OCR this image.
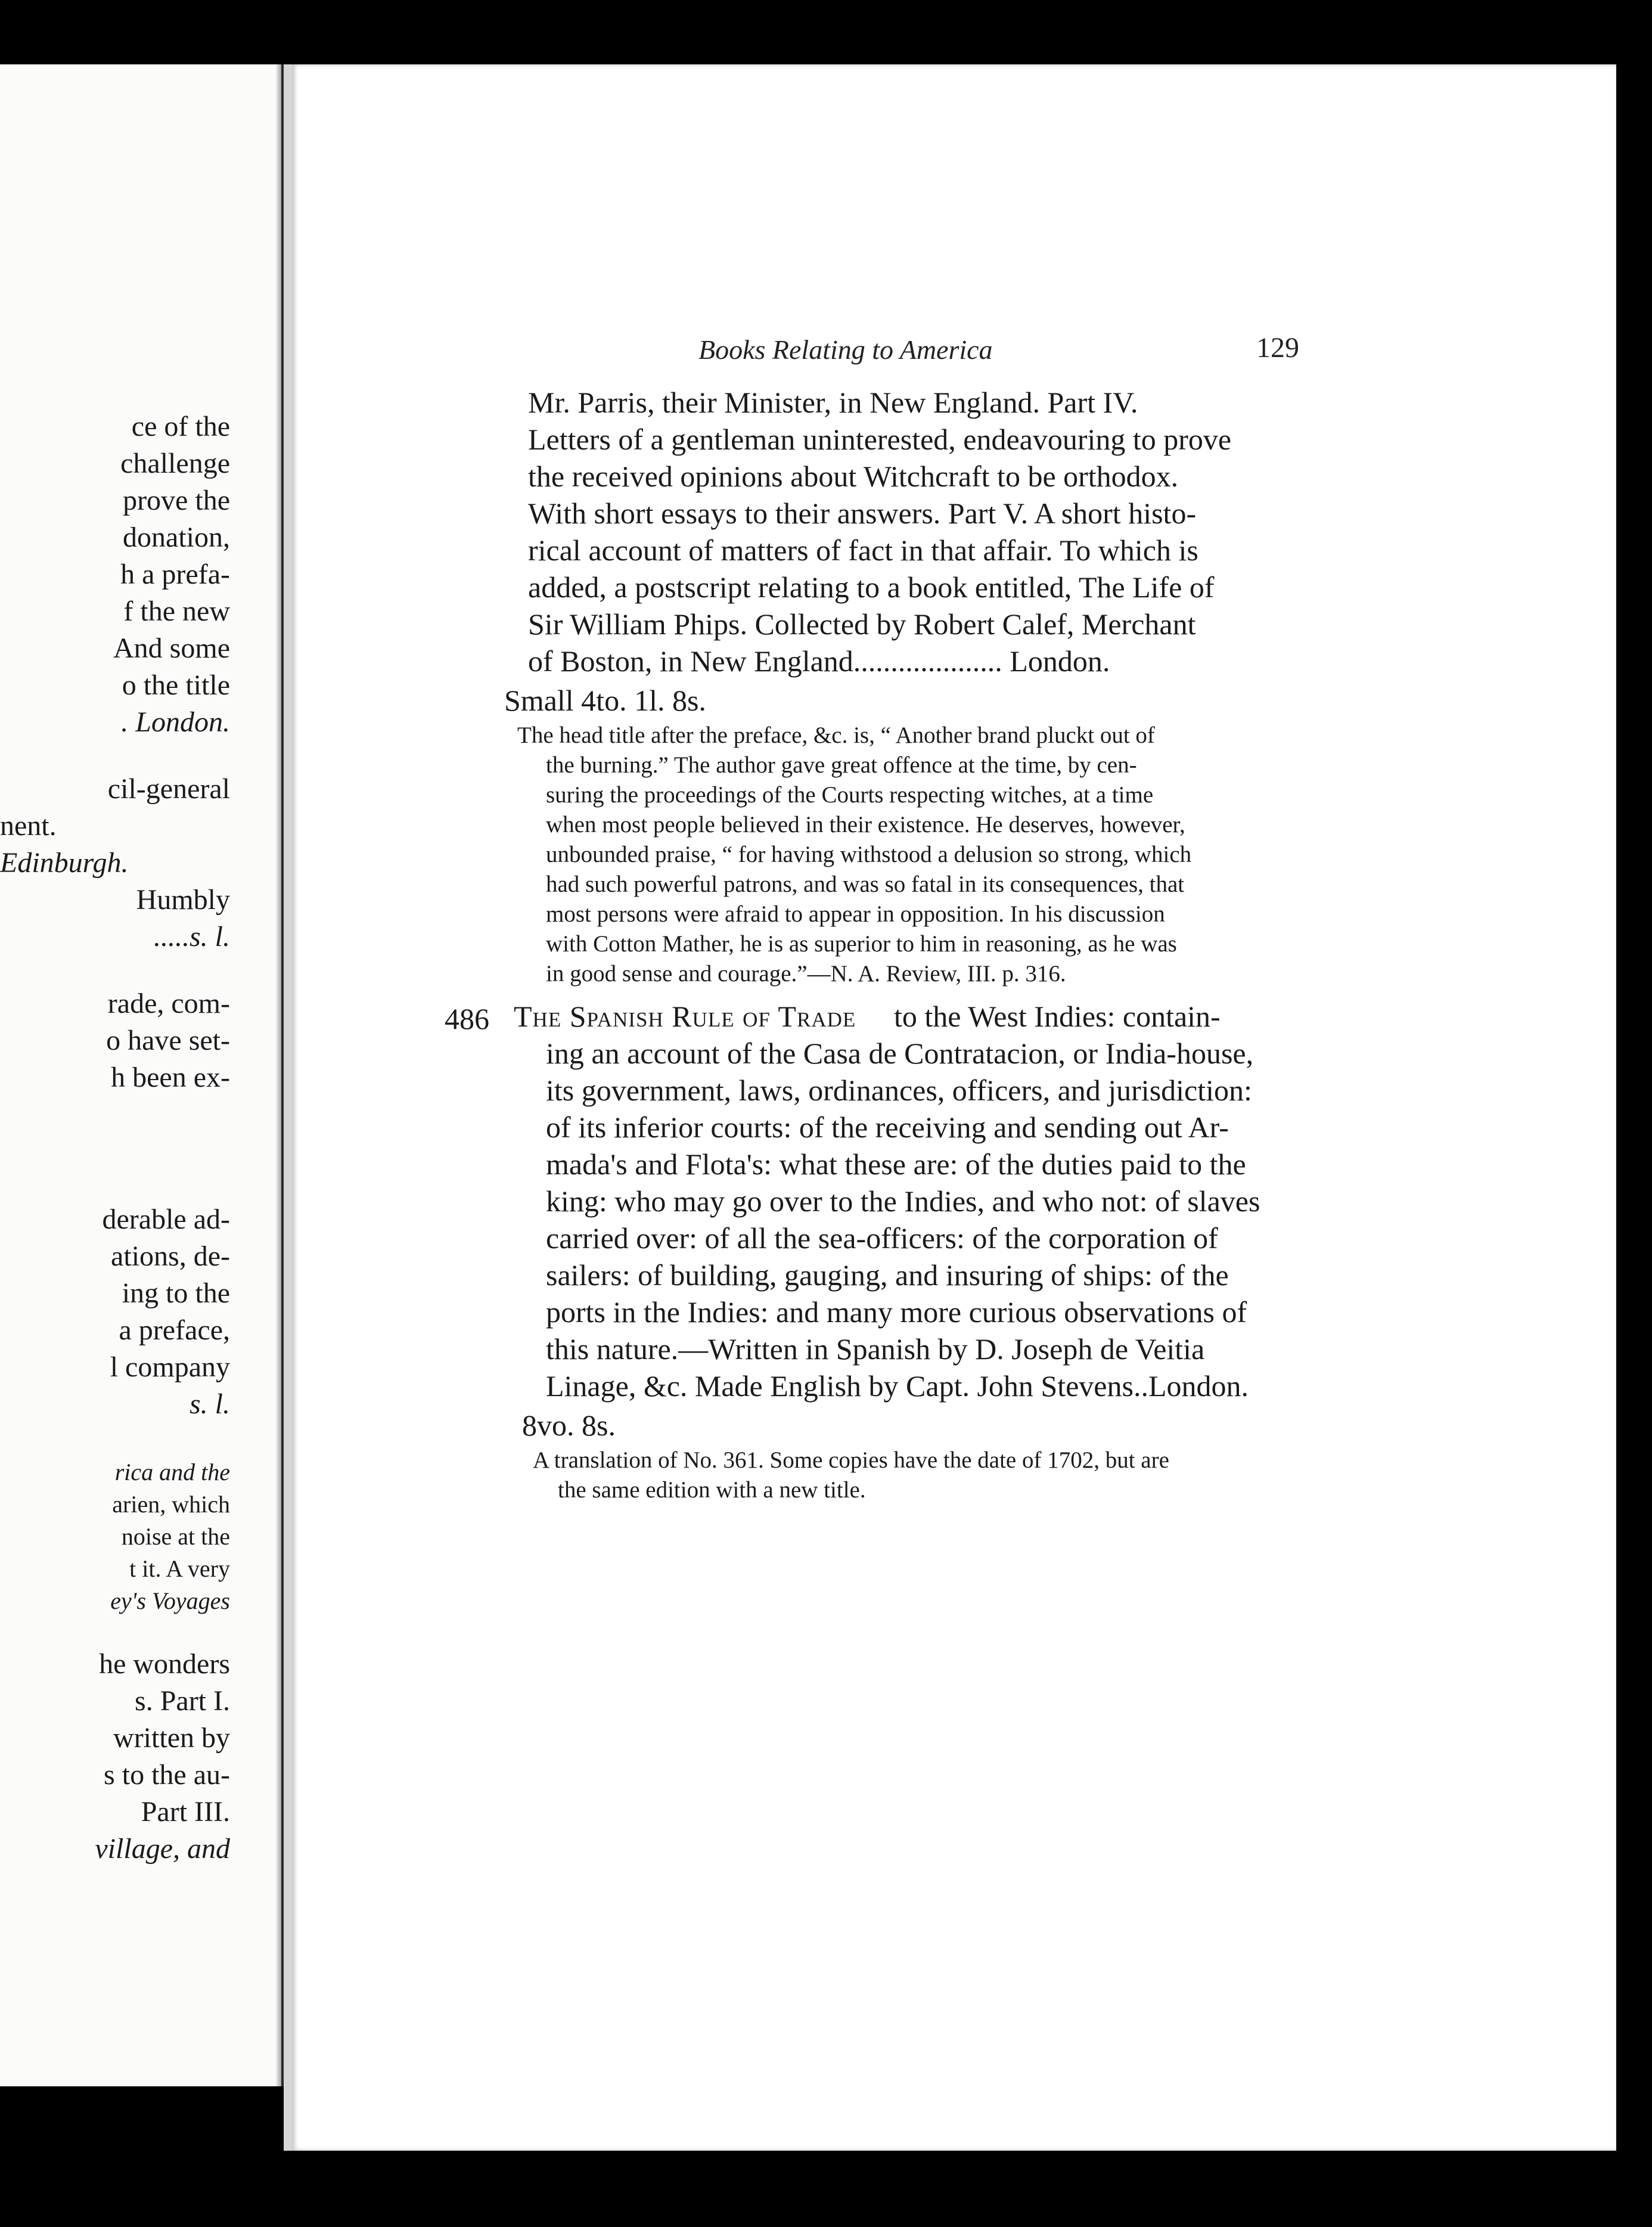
ce of the
challenge
prove the
donation,
h a prefa-
f the new
And some
o the title
. London.
cil-general
nent.
Edinburgh.
Humbly
.....s. l.
rade, com-
o have set-
h been ex-
derable ad-
ations, de-
ing to the
a preface,
l company
s. l.
rica and the
arien, which
noise at the
t it. A very
ey's Voyages
he wonders
s. Part I.
written by
s to the au-
Part III.
village, and
Books Relating to America	129
Mr. Parris, their Minister, in New England. Part IV.
Letters of a gentleman uninterested, endeavouring to prove
the received opinions about Witchcraft to be orthodox.
With short essays to their answers. Part V. A short histo-
rical account of matters of fact in that affair. To which is
added, a postscript relating to a book entitled, The Life of
Sir William Phips. Collected by Robert Calef, Merchant
of Boston, in New England.................... London.
Small 4to. 1l. 8s.
The head title after the preface, &c. is, “ Another brand pluckt out of
the burning.” The author gave great offence at the time, by cen-
suring the proceedings of the Courts respecting witches, at a time
when most people believed in their existence. He deserves, however,
unbounded praise, “ for having withstood a delusion so strong, which
had such powerful patrons, and was so fatal in its consequences, that
most persons were afraid to appear in opposition. In his discussion
with Cotton Mather, he is as superior to him in reasoning, as he was
in good sense and courage.”—N. A. Review, III. p. 316.
486 The Spanish Rule of Trade to the West Indies: contain-
ing an account of the Casa de Contratacion, or India-house,
its government, laws, ordinances, officers, and jurisdiction:
of its inferior courts: of the receiving and sending out Ar-
mada's and Flota's: what these are: of the duties paid to the
king: who may go over to the Indies, and who not: of slaves
carried over: of all the sea-officers: of the corporation of
sailers: of building, gauging, and insuring of ships: of the
ports in the Indies: and many more curious observations of
this nature.—Written in Spanish by D. Joseph de Veitia
Linage, &c. Made English by Capt. John Stevens..London.
8vo. 8s.
A translation of No. 361. Some copies have the date of 1702, but are
the same edition with a new title.
